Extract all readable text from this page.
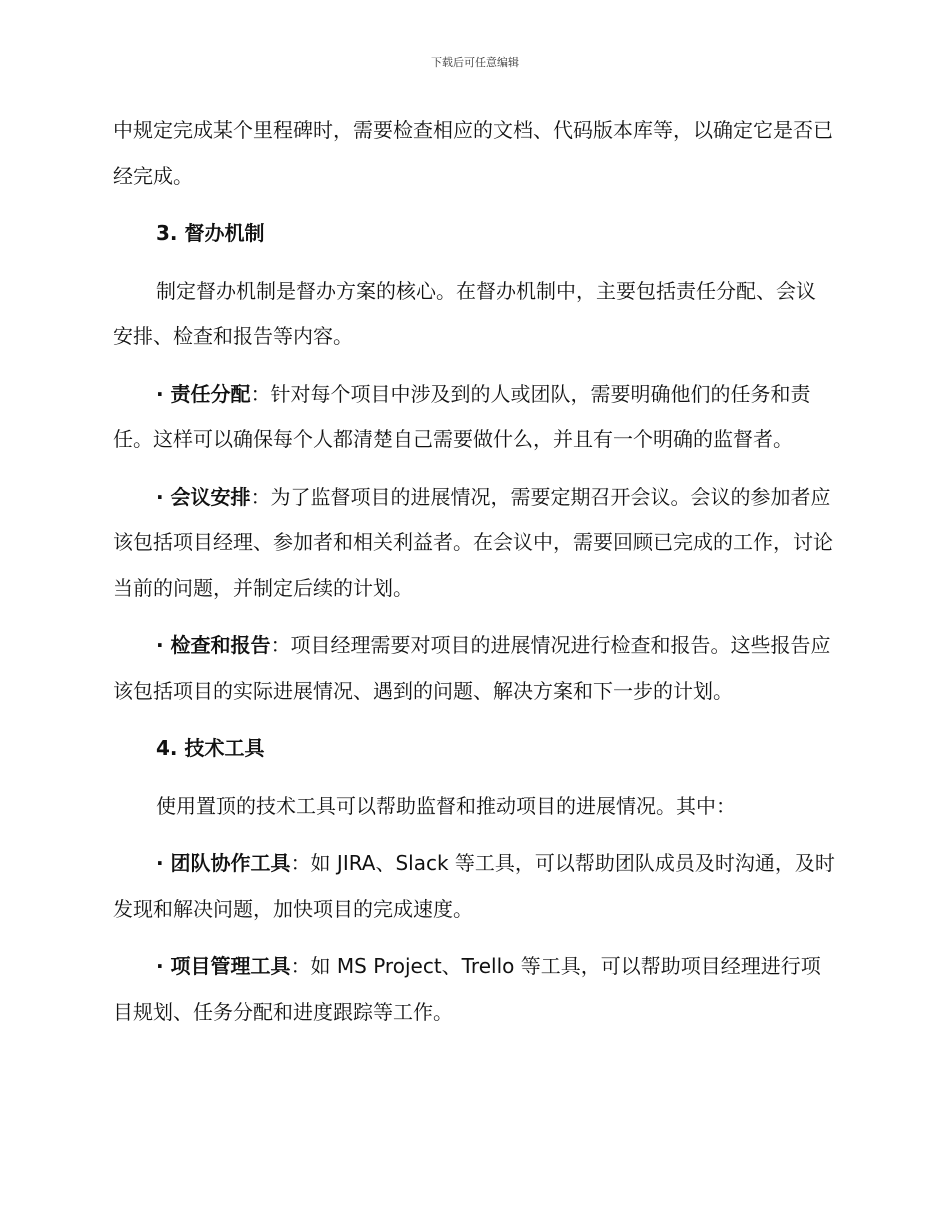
下载后可任意编辑

中规定完成某个里程碑时，需要检查相应的文档、代码版本库等，以确定它是否已经完成。

3. 督办机制

制定督办机制是督办方案的核心。在督办机制中，主要包括责任分配、会议安排、检查和报告等内容。

· 责任分配：针对每个项目中涉及到的人或团队，需要明确他们的任务和责任。这样可以确保每个人都清楚自己需要做什么，并且有一个明确的监督者。

· 会议安排：为了监督项目的进展情况，需要定期召开会议。会议的参加者应该包括项目经理、参加者和相关利益者。在会议中，需要回顾已完成的工作，讨论当前的问题，并制定后续的计划。

· 检查和报告：项目经理需要对项目的进展情况进行检查和报告。这些报告应该包括项目的实际进展情况、遇到的问题、解决方案和下一步的计划。

4. 技术工具

使用置顶的技术工具可以帮助监督和推动项目的进展情况。其中：

· 团队协作工具：如 JIRA、Slack 等工具，可以帮助团队成员及时沟通，及时发现和解决问题，加快项目的完成速度。

· 项目管理工具：如 MS Project、Trello 等工具，可以帮助项目经理进行项目规划、任务分配和进度跟踪等工作。
